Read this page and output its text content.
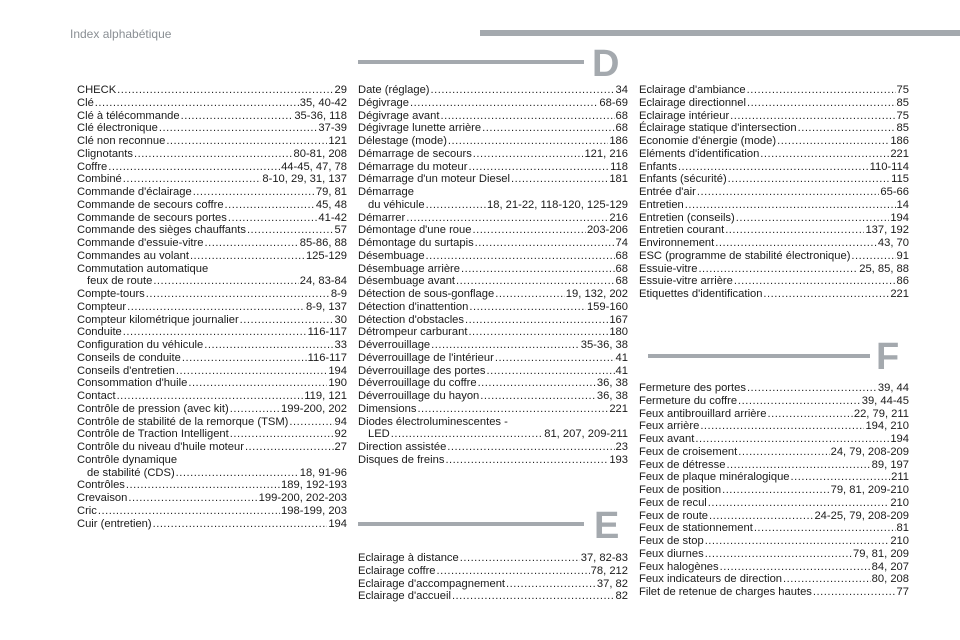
Index alphabétique
CHECK .....	29
Clé .....	35, 40-42
Clé à télécommande .....	35-36, 118
Clé électronique .....	37-39
Clé non reconnue .....	121
Clignotants .....	80-81, 208
Coffre .....	44-45, 47, 78
Combiné .....	8-10, 29, 31, 137
Commande d'éclairage .....	79, 81
Commande de secours coffre .....	45, 48
Commande de secours portes .....	41-42
Commande des sièges chauffants .....	57
Commande d'essuie-vitre .....	85-86, 88
Commandes au volant .....	125-129
Commutation automatique
feux de route .....	24, 83-84
Compte-tours .....	8-9
Compteur .....	8-9, 137
Compteur kilométrique journalier .....	30
Conduite .....	116-117
Configuration du véhicule .....	33
Conseils de conduite .....	116-117
Conseils d'entretien .....	194
Consommation d'huile .....	190
Contact .....	119, 121
Contrôle de pression (avec kit) .....	199-200, 202
Contrôle de stabilité de la remorque (TSM) .....	94
Contrôle de Traction Intelligent .....	92
Contrôle du niveau d'huile moteur .....	27
Contrôle dynamique
de stabilité (CDS) .....	18, 91-96
Contrôles .....	189, 192-193
Crevaison .....	199-200, 202-203
Cric .....	198-199, 203
Cuir (entretien) .....	194
D
Date (réglage) .....	34
Dégivrage .....	68-69
Dégivrage avant .....	68
Dégivrage lunette arrière .....	68
Délestage (mode) .....	186
Démarrage de secours .....	121, 216
Démarrage du moteur .....	118
Démarrage d'un moteur Diesel .....	181
Démarrage
du véhicule .....	18, 21-22, 118-120, 125-129
Démarrer .....	216
Démontage d'une roue .....	203-206
Démontage du surtapis .....	74
Désembuage .....	68
Désembuage arrière .....	68
Désembuage avant .....	68
Détection de sous-gonflage .....	19, 132, 202
Détection d'inattention .....	159-160
Détection d'obstacles .....	167
Détrompeur carburant .....	180
Déverrouillage .....	35-36, 38
Déverrouillage de l'intérieur .....	41
Déverrouillage des portes .....	41
Déverrouillage du coffre .....	36, 38
Déverrouillage du hayon .....	36, 38
Dimensions .....	221
Diodes électroluminescentes -
LED .....	81, 207, 209-211
Direction assistée .....	23
Disques de freins .....	193
E
Eclairage à distance .....	37, 82-83
Eclairage coffre .....	78, 212
Eclairage d'accompagnement .....	37, 82
Eclairage d'accueil .....	82
Eclairage d'ambiance .....	75
Eclairage directionnel .....	85
Eclairage intérieur .....	75
Éclairage statique d'intersection .....	85
Economie d'énergie (mode) .....	186
Eléments d'identification .....	221
Enfants .....	110-114
Enfants (sécurité) .....	115
Entrée d'air .....	65-66
Entretien .....	14
Entretien (conseils) .....	194
Entretien courant .....	137, 192
Environnement .....	43, 70
ESC (programme de stabilité électronique) .....	91
Essuie-vitre .....	25, 85, 88
Essuie-vitre arrière .....	86
Etiquettes d'identification .....	221
F
Fermeture des portes .....	39, 44
Fermeture du coffre .....	39, 44-45
Feux antibrouillard arrière .....	22, 79, 211
Feux arrière .....	194, 210
Feux avant .....	194
Feux de croisement .....	24, 79, 208-209
Feux de détresse .....	89, 197
Feux de plaque minéralogique .....	211
Feux de position .....	79, 81, 209-210
Feux de recul .....	210
Feux de route .....	24-25, 79, 208-209
Feux de stationnement .....	81
Feux de stop .....	210
Feux diurnes .....	79, 81, 209
Feux halogènes .....	84, 207
Feux indicateurs de direction .....	80, 208
Filet de retenue de charges hautes .....	77
